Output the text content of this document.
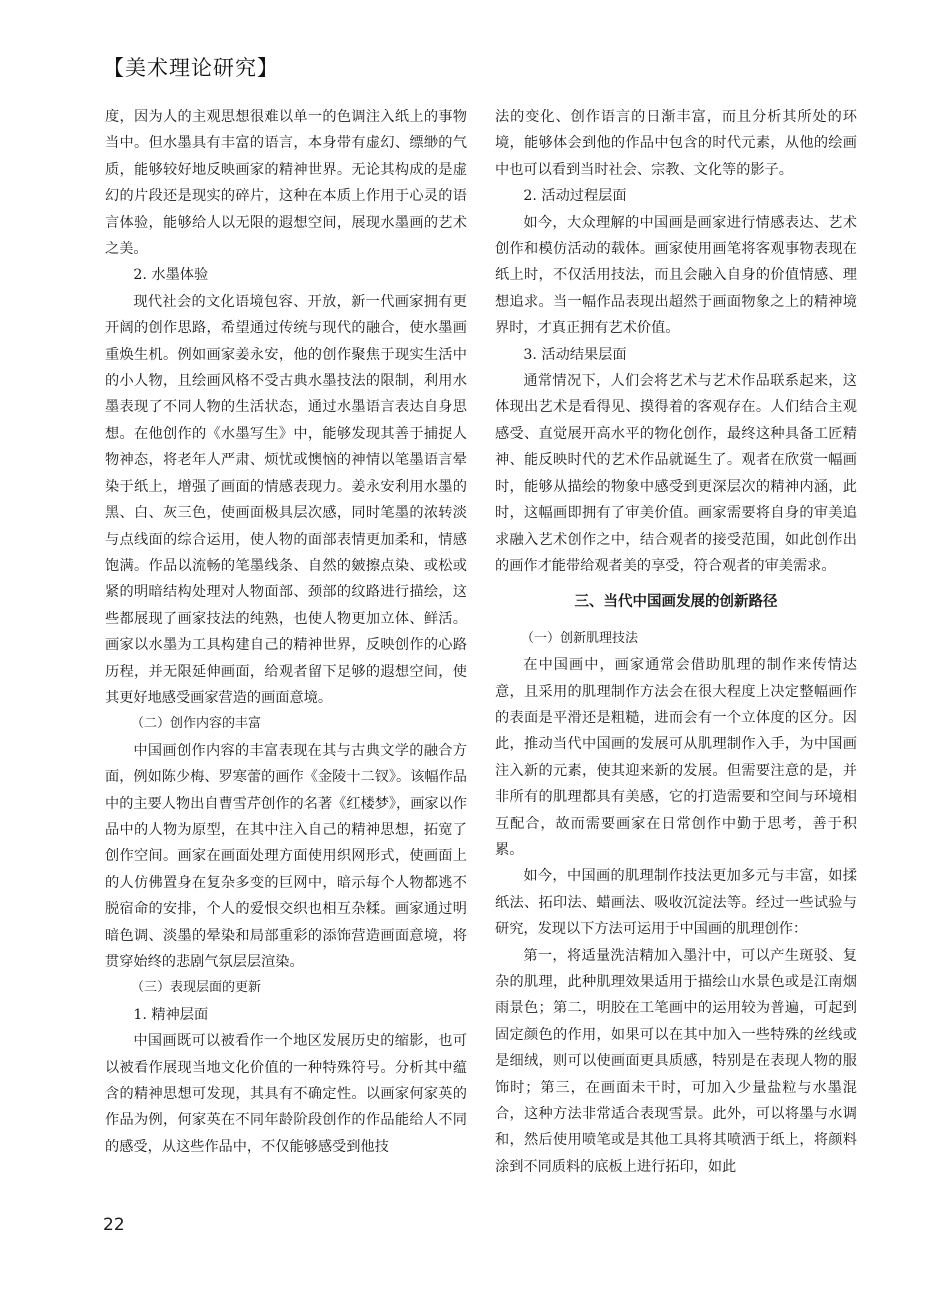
【美术理论研究】

度，因为人的主观思想很难以单一的色调注入纸上的事物当中。但水墨具有丰富的语言，本身带有虚幻、缥缈的气质，能够较好地反映画家的精神世界。无论其构成的是虚幻的片段还是现实的碎片，这种在本质上作用于心灵的语言体验，能够给人以无限的遐想空间，展现水墨画的艺术之美。

2. 水墨体验

现代社会的文化语境包容、开放，新一代画家拥有更开阔的创作思路，希望通过传统与现代的融合，使水墨画重焕生机。例如画家姜永安，他的创作聚焦于现实生活中的小人物，且绘画风格不受古典水墨技法的限制，利用水墨表现了不同人物的生活状态，通过水墨语言表达自身思想。在他创作的《水墨写生》中，能够发现其善于捕捉人物神态，将老年人严肃、烦忧或懊恼的神情以笔墨语言晕染于纸上，增强了画面的情感表现力。姜永安利用水墨的黑、白、灰三色，使画面极具层次感，同时笔墨的浓转淡与点线面的综合运用，使人物的面部表情更加柔和，情感饱满。作品以流畅的笔墨线条、自然的皴擦点染、或松或紧的明暗结构处理对人物面部、颈部的纹路进行描绘，这些都展现了画家技法的纯熟，也使人物更加立体、鲜活。画家以水墨为工具构建自己的精神世界，反映创作的心路历程，并无限延伸画面，给观者留下足够的遐想空间，使其更好地感受画家营造的画面意境。

（二）创作内容的丰富

中国画创作内容的丰富表现在其与古典文学的融合方面，例如陈少梅、罗寒蕾的画作《金陵十二钗》。该幅作品中的主要人物出自曹雪芹创作的名著《红楼梦》，画家以作品中的人物为原型，在其中注入自己的精神思想，拓宽了创作空间。画家在画面处理方面使用织网形式，使画面上的人仿佛置身在复杂多变的巨网中，暗示每个人物都逃不脱宿命的安排，个人的爱恨交织也相互杂糅。画家通过明暗色调、淡墨的晕染和局部重彩的添饰营造画面意境，将贯穿始终的悲剧气氛层层渲染。

（三）表现层面的更新

1. 精神层面

中国画既可以被看作一个地区发展历史的缩影，也可以被看作展现当地文化价值的一种特殊符号。分析其中蕴含的精神思想可发现，其具有不确定性。以画家何家英的作品为例，何家英在不同年龄阶段创作的作品能给人不同的感受，从这些作品中，不仅能够感受到他技

法的变化、创作语言的日渐丰富，而且分析其所处的环境，能够体会到他的作品中包含的时代元素，从他的绘画中也可以看到当时社会、宗教、文化等的影子。

2. 活动过程层面

如今，大众理解的中国画是画家进行情感表达、艺术创作和模仿活动的载体。画家使用画笔将客观事物表现在纸上时，不仅活用技法，而且会融入自身的价值情感、理想追求。当一幅作品表现出超然于画面物象之上的精神境界时，才真正拥有艺术价值。

3. 活动结果层面

通常情况下，人们会将艺术与艺术作品联系起来，这体现出艺术是看得见、摸得着的客观存在。人们结合主观感受、直觉展开高水平的物化创作，最终这种具备工匠精神、能反映时代的艺术作品就诞生了。观者在欣赏一幅画时，能够从描绘的物象中感受到更深层次的精神内涵，此时，这幅画即拥有了审美价值。画家需要将自身的审美追求融入艺术创作之中，结合观者的接受范围，如此创作出的画作才能带给观者美的享受，符合观者的审美需求。

三、当代中国画发展的创新路径

（一）创新肌理技法

在中国画中，画家通常会借助肌理的制作来传情达意，且采用的肌理制作方法会在很大程度上决定整幅画作的表面是平滑还是粗糙，进而会有一个立体度的区分。因此，推动当代中国画的发展可从肌理制作入手，为中国画注入新的元素，使其迎来新的发展。但需要注意的是，并非所有的肌理都具有美感，它的打造需要和空间与环境相互配合，故而需要画家在日常创作中勤于思考，善于积累。

如今，中国画的肌理制作技法更加多元与丰富，如揉纸法、拓印法、蜡画法、吸收沉淀法等。经过一些试验与研究，发现以下方法可运用于中国画的肌理创作：

第一，将适量洗洁精加入墨汁中，可以产生斑驳、复杂的肌理，此种肌理效果适用于描绘山水景色或是江南烟雨景色；第二，明胶在工笔画中的运用较为普遍，可起到固定颜色的作用，如果可以在其中加入一些特殊的丝线或是细绒，则可以使画面更具质感，特别是在表现人物的服饰时；第三，在画面未干时，可加入少量盐粒与水墨混合，这种方法非常适合表现雪景。此外，可以将墨与水调和，然后使用喷笔或是其他工具将其喷洒于纸上，将颜料涂到不同质料的底板上进行拓印，如此

22
